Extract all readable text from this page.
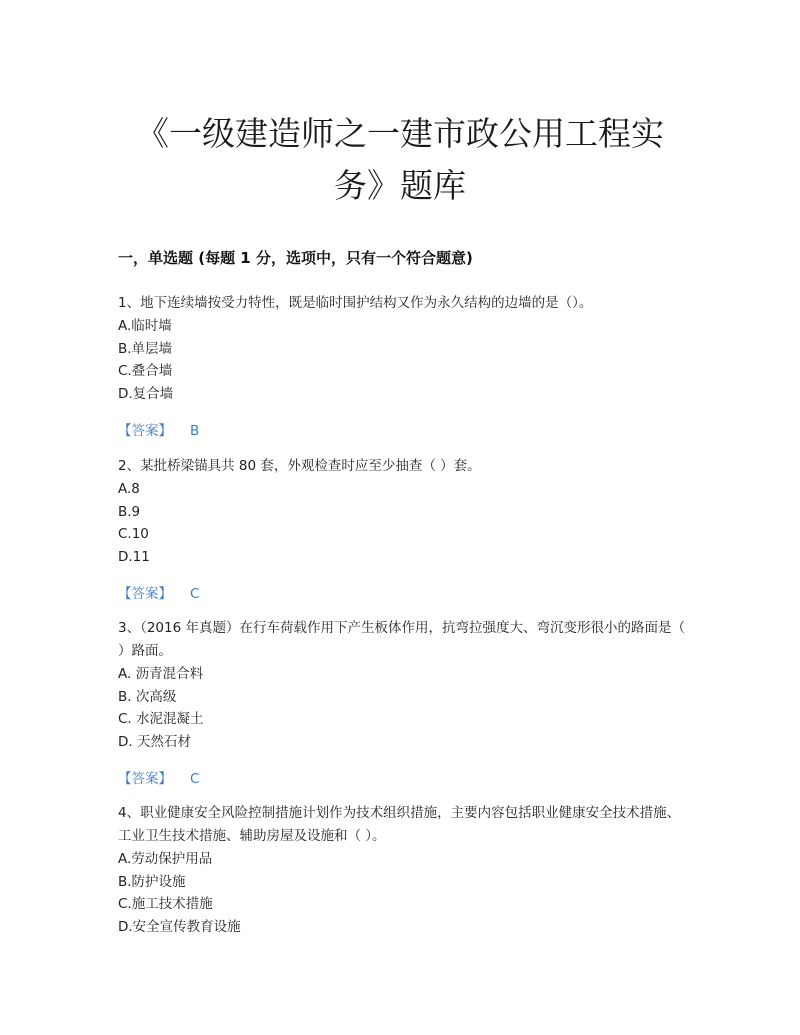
《一级建造师之一建市政公用工程实
务》题库
一，单选题 (每题 1 分，选项中，只有一个符合题意)
1、地下连续墙按受力特性，既是临时围护结构又作为永久结构的边墙的是（）。
A.临时墙
B.单层墙
C.叠合墙
D.复合墙
【答案】 B
2、某批桥梁锚具共 80 套，外观检查时应至少抽查（ ）套。
A.8
B.9
C.10
D.11
【答案】 C
3、（2016 年真题）在行车荷载作用下产生板体作用，抗弯拉强度大、弯沉变形很小的路面是（ ）路面。
A. 沥青混合料
B. 次高级
C. 水泥混凝土
D. 天然石材
【答案】 C
4、职业健康安全风险控制措施计划作为技术组织措施，主要内容包括职业健康安全技术措施、工业卫生技术措施、辅助房屋及设施和（ ）。
A.劳动保护用品
B.防护设施
C.施工技术措施
D.安全宣传教育设施
